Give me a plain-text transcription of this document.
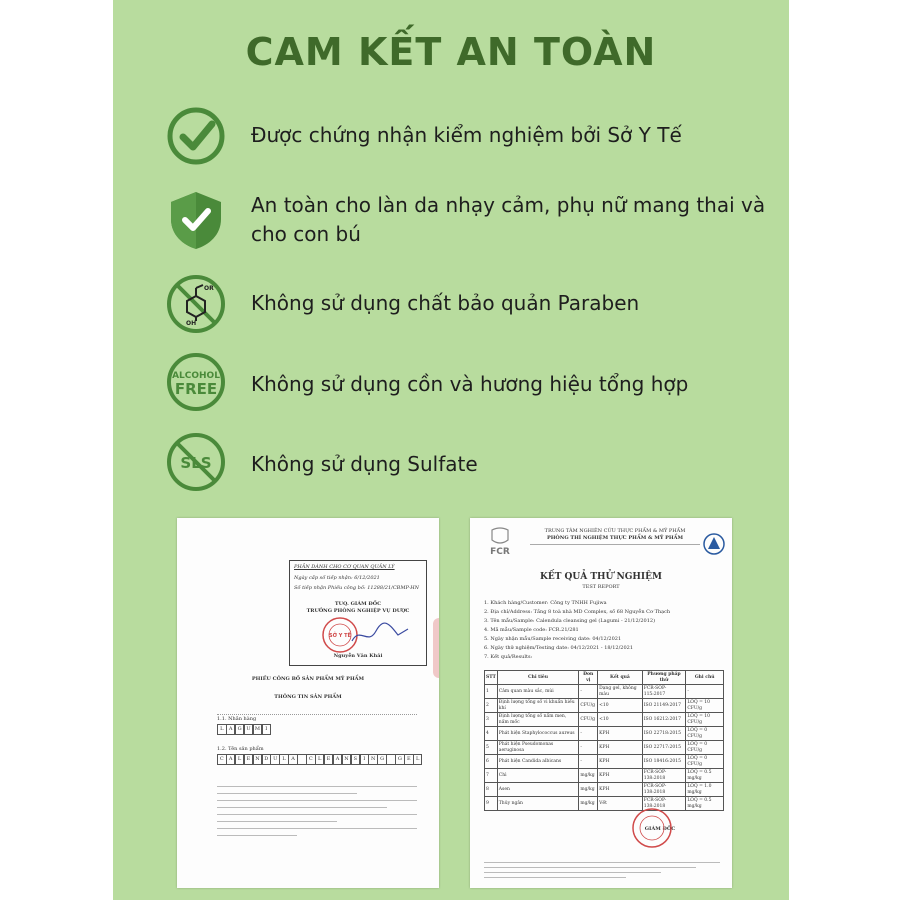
CAM KẾT AN TOÀN
Được chứng nhận kiểm nghiệm bởi Sở Y Tế
An toàn cho làn da nhạy cảm, phụ nữ mang thai và cho con bú
OR
OH
Không sử dụng chất bảo quản Paraben
ALCOHOL
FREE Không sử dụng cồn và hương hiệu tổng hợp
SLS Không sử dụng Sulfate
PHẦN DÀNH CHO CƠ QUAN QUẢN LÝ
Ngày cấp số tiếp nhận: 6/12/2021
Số tiếp nhận Phiếu công bố: 11288/21/CBMP-HN
TUQ. GIÁM ĐỐC
TRƯỞNG PHÒNG NGHIỆP VỤ DƯỢC
SỞ Y TẾ
Nguyễn Văn Khải
PHIẾU CÔNG BỐ SẢN PHẨM MỸ PHẨM
THÔNG TIN SẢN PHẨM
1.1. Nhãn hàng
L	A	G U M	I
1.2. Tên sản phẩm
C	A	L	E N D U	L	A	C	L	E	A N	S	I	N G	G	E	L
FCR
TRUNG TÂM NGHIÊN CỨU THỰC PHẨM & MỸ PHẨM
PHÒNG THÍ NGHIỆM THỰC PHẨM & MỸ PHẨM
KẾT QUẢ THỬ NGHIỆM
TEST REPORT
1. Khách hàng/Customer: Công ty TNHH Fujiwa
2. Địa chỉ/Address: Tầng 8 toà nhà MD Complex, số 68 Nguyễn Cơ Thạch
3. Tên mẫu/Sample: Calendula cleansing gel (Lagumi - 21/12/2012)
4. Mã mẫu/Sample code: FCR.21/281
5. Ngày nhận mẫu/Sample receiving date: 04/12/2021
6. Ngày thử nghiệm/Testing date: 04/12/2021 - 18/12/2021
7. Kết quả/Results:
STT	Chỉ tiêu	Đơn vị	Kết quả	Phương pháp thử	Ghi chú
1	Cảm quan màu sắc, mùi	-	Dạng gel, không màu	FCR-SOP-115:2017	-
2	Định lượng tổng số vi khuẩn hiếu khí	CFU/g	<10	ISO 21149:2017	LOQ = 10 CFU/g
3	Định lượng tổng số nấm men, nấm mốc	CFU/g	<10	ISO 16212:2017	LOQ = 10 CFU/g
4	Phát hiện Staphylococcus aureus	-	KPH	ISO 22718:2015	LOQ = 0 CFU/g
5	Phát hiện Pseudomonas aeruginosa	-	KPH	ISO 22717:2015	LOQ = 0 CFU/g
6	Phát hiện Candida albicans	-	KPH	ISO 18416:2015	LOQ = 0 CFU/g
7	Chì	mg/kg	KPH	FCR-SOP-138:2018	LOQ = 0.5 mg/kg
8	Asen	mg/kg	KPH	FCR-SOP-138:2018	LOQ = 1.0 mg/kg
9	Thủy ngân	mg/kg	Vết	FCR-SOP-138:2018	LOQ = 0.5 mg/kg
GIÁM ĐỐC
